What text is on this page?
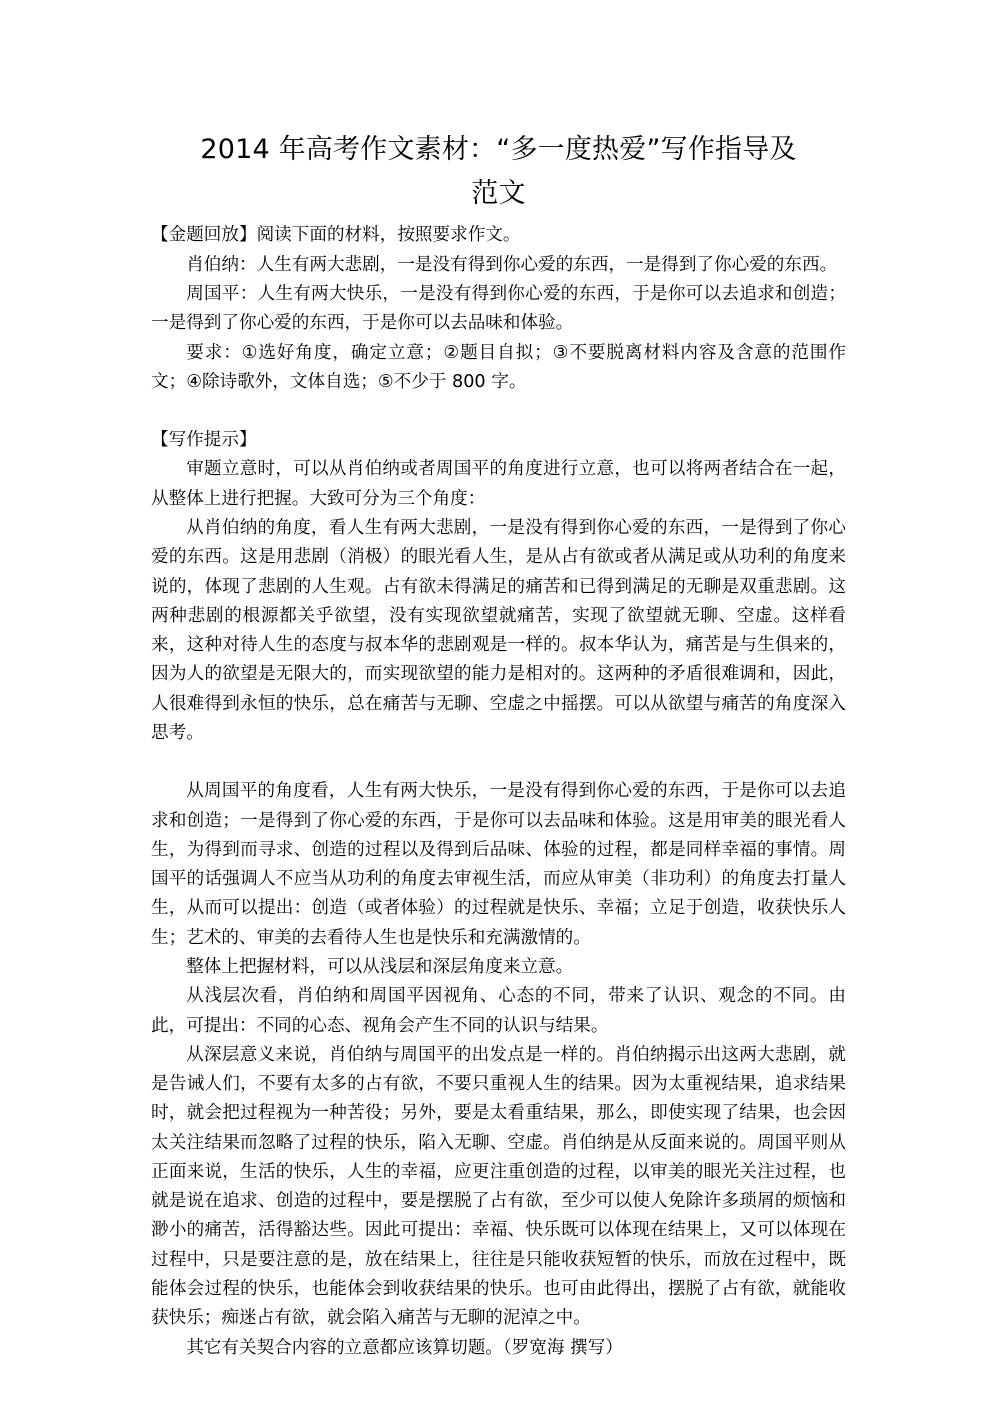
2014 年高考作文素材：“多一度热爱”写作指导及
范文

【金题回放】阅读下面的材料，按照要求作文。

肖伯纳：人生有两大悲剧，一是没有得到你心爱的东西，一是得到了你心爱的东西。

周国平：人生有两大快乐，一是没有得到你心爱的东西，于是你可以去追求和创造；一是得到了你心爱的东西，于是你可以去品味和体验。

要求：①选好角度，确定立意；②题目自拟；③不要脱离材料内容及含意的范围作文；④除诗歌外，文体自选；⑤不少于 800 字。

【写作提示】

审题立意时，可以从肖伯纳或者周国平的角度进行立意，也可以将两者结合在一起，从整体上进行把握。大致可分为三个角度：

从肖伯纳的角度，看人生有两大悲剧，一是没有得到你心爱的东西，一是得到了你心爱的东西。这是用悲剧（消极）的眼光看人生，是从占有欲或者从满足或从功利的角度来说的，体现了悲剧的人生观。占有欲未得满足的痛苦和已得到满足的无聊是双重悲剧。这两种悲剧的根源都关乎欲望，没有实现欲望就痛苦，实现了欲望就无聊、空虚。这样看来，这种对待人生的态度与叔本华的悲剧观是一样的。叔本华认为，痛苦是与生俱来的，因为人的欲望是无限大的，而实现欲望的能力是相对的。这两种的矛盾很难调和，因此，人很难得到永恒的快乐，总在痛苦与无聊、空虚之中摇摆。可以从欲望与痛苦的角度深入思考。

从周国平的角度看，人生有两大快乐，一是没有得到你心爱的东西，于是你可以去追求和创造；一是得到了你心爱的东西，于是你可以去品味和体验。这是用审美的眼光看人生，为得到而寻求、创造的过程以及得到后品味、体验的过程，都是同样幸福的事情。周国平的话强调人不应当从功利的角度去审视生活，而应从审美（非功利）的角度去打量人生，从而可以提出：创造（或者体验）的过程就是快乐、幸福；立足于创造，收获快乐人生；艺术的、审美的去看待人生也是快乐和充满激情的。

整体上把握材料，可以从浅层和深层角度来立意。

从浅层次看，肖伯纳和周国平因视角、心态的不同，带来了认识、观念的不同。由此，可提出：不同的心态、视角会产生不同的认识与结果。

从深层意义来说，肖伯纳与周国平的出发点是一样的。肖伯纳揭示出这两大悲剧，就是告诫人们，不要有太多的占有欲，不要只重视人生的结果。因为太重视结果，追求结果时，就会把过程视为一种苦役；另外，要是太看重结果，那么，即使实现了结果，也会因太关注结果而忽略了过程的快乐，陷入无聊、空虚。肖伯纳是从反面来说的。周国平则从正面来说，生活的快乐，人生的幸福，应更注重创造的过程，以审美的眼光关注过程，也就是说在追求、创造的过程中，要是摆脱了占有欲，至少可以使人免除许多琐屑的烦恼和渺小的痛苦，活得豁达些。因此可提出：幸福、快乐既可以体现在结果上，又可以体现在过程中，只是要注意的是，放在结果上，往往是只能收获短暂的快乐，而放在过程中，既能体会过程的快乐，也能体会到收获结果的快乐。也可由此得出，摆脱了占有欲，就能收获快乐；痴迷占有欲，就会陷入痛苦与无聊的泥淖之中。

其它有关契合内容的立意都应该算切题。（罗宽海 撰写）
